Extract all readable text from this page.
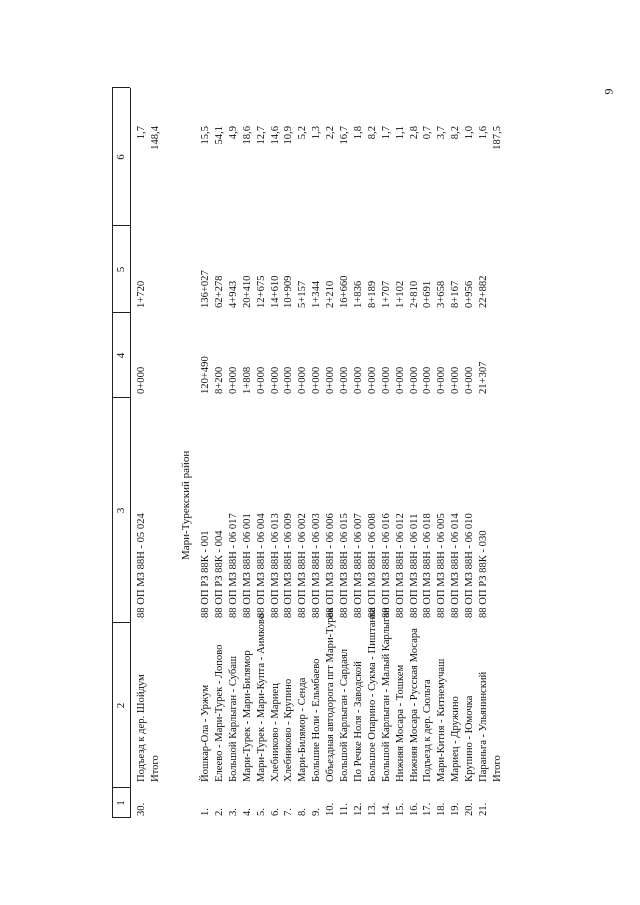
9
1
2
3
4
5
6
30.
Подъезд к дер. Шойдум
88 ОП МЗ 88Н - 05 024
0+000
1+720
1,7
Итого
148,4
Мари-Турекский район
1.
Йошкар-Ола - Уржум
88 ОП РЗ 88К - 001
120+490
136+027
15,5
2.
Елеево - Мари-Турек - Лопово
88 ОП РЗ 88К - 004
8+200
62+278
54,1
3.
Большой Карлыган - Субаш
88 ОП МЗ 88Н - 06 017
0+000
4+943
4,9
4.
Мари-Турек - Мари-Билямор
88 ОП МЗ 88Н - 06 001
1+808
20+410
18,6
5.
Мари-Турек - Мари-Купта - Аимково
88 ОП МЗ 88Н - 06 004
0+000
12+675
12,7
6.
Хлебниково - Мариец
88 ОП МЗ 88Н - 06 013
0+000
14+610
14,6
7.
Хлебниково - Крупино
88 ОП МЗ 88Н - 06 009
0+000
10+909
10,9
8.
Мари-Билямор - Сенда
88 ОП МЗ 88Н - 06 002
0+000
5+157
5,2
9.
Большие Ноли - Ельмбаево
88 ОП МЗ 88Н - 06 003
0+000
1+344
1,3
10.
Объездная автодорога пгт Мари-Турек
88 ОП МЗ 88Н - 06 006
0+000
2+210
2,2
11.
Большой Карлыган - Сардаял
88 ОП МЗ 88Н - 06 015
0+000
16+660
16,7
12.
По Речке Ноля - Заводской
88 ОП МЗ 88Н - 06 007
0+000
1+836
1,8
13.
Большое Опарино - Сукма - Пиштанка
88 ОП МЗ 88Н - 06 008
0+000
8+189
8,2
14.
Большой Карлыган - Малый Карлыган
88 ОП МЗ 88Н - 06 016
0+000
1+707
1,7
15.
Нижняя Мосара - Тошкем
88 ОП МЗ 88Н - 06 012
0+000
1+102
1,1
16.
Нижняя Мосара - Русская Мосара
88 ОП МЗ 88Н - 06 011
0+000
2+810
2,8
17.
Подъезд к дер. Сюльта
88 ОП МЗ 88Н - 06 018
0+000
0+691
0,7
18.
Мари-Китня - Китнемучаш
88 ОП МЗ 88Н - 06 005
0+000
3+658
3,7
19.
Мариец - Дружино
88 ОП МЗ 88Н - 06 014
0+000
8+167
8,2
20.
Крупино - Юмочка
88 ОП МЗ 88Н - 06 010
0+000
0+956
1,0
21.
Параньга - Ульянинский
88 ОП РЗ 88К - 030
21+307
22+882
1,6
Итого
187,5
